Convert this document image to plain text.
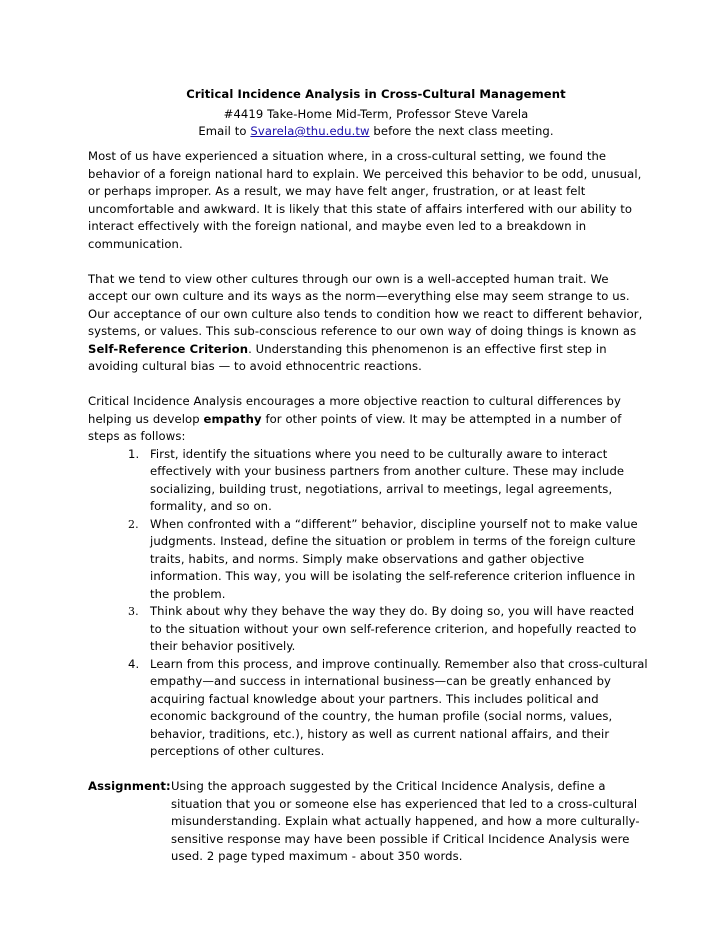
Critical Incidence Analysis in Cross-Cultural Management
#4419 Take-Home Mid-Term, Professor Steve Varela
Email to Svarela@thu.edu.tw before the next class meeting.

Most of us have experienced a situation where, in a cross-cultural setting, we found the behavior of a foreign national hard to explain. We perceived this behavior to be odd, unusual, or perhaps improper. As a result, we may have felt anger, frustration, or at least felt uncomfortable and awkward. It is likely that this state of affairs interfered with our ability to interact effectively with the foreign national, and maybe even led to a breakdown in communication.

That we tend to view other cultures through our own is a well-accepted human trait. We accept our own culture and its ways as the norm—everything else may seem strange to us. Our acceptance of our own culture also tends to condition how we react to different behavior, systems, or values. This sub-conscious reference to our own way of doing things is known as Self-Reference Criterion. Understanding this phenomenon is an effective first step in avoiding cultural bias — to avoid ethnocentric reactions.

Critical Incidence Analysis encourages a more objective reaction to cultural differences by helping us develop empathy for other points of view. It may be attempted in a number of steps as follows:

1. First, identify the situations where you need to be culturally aware to interact effectively with your business partners from another culture. These may include socializing, building trust, negotiations, arrival to meetings, legal agreements, formality, and so on.
2. When confronted with a “different” behavior, discipline yourself not to make value judgments. Instead, define the situation or problem in terms of the foreign culture traits, habits, and norms. Simply make observations and gather objective information. This way, you will be isolating the self-reference criterion influence in the problem.
3. Think about why they behave the way they do. By doing so, you will have reacted to the situation without your own self-reference criterion, and hopefully reacted to their behavior positively.
4. Learn from this process, and improve continually. Remember also that cross-cultural empathy—and success in international business—can be greatly enhanced by acquiring factual knowledge about your partners. This includes political and economic background of the country, the human profile (social norms, values, behavior, traditions, etc.), history as well as current national affairs, and their perceptions of other cultures.
Assignment: Using the approach suggested by the Critical Incidence Analysis, define a situation that you or someone else has experienced that led to a cross-cultural misunderstanding. Explain what actually happened, and how a more culturally-sensitive response may have been possible if Critical Incidence Analysis were used. 2 page typed maximum - about 350 words.
